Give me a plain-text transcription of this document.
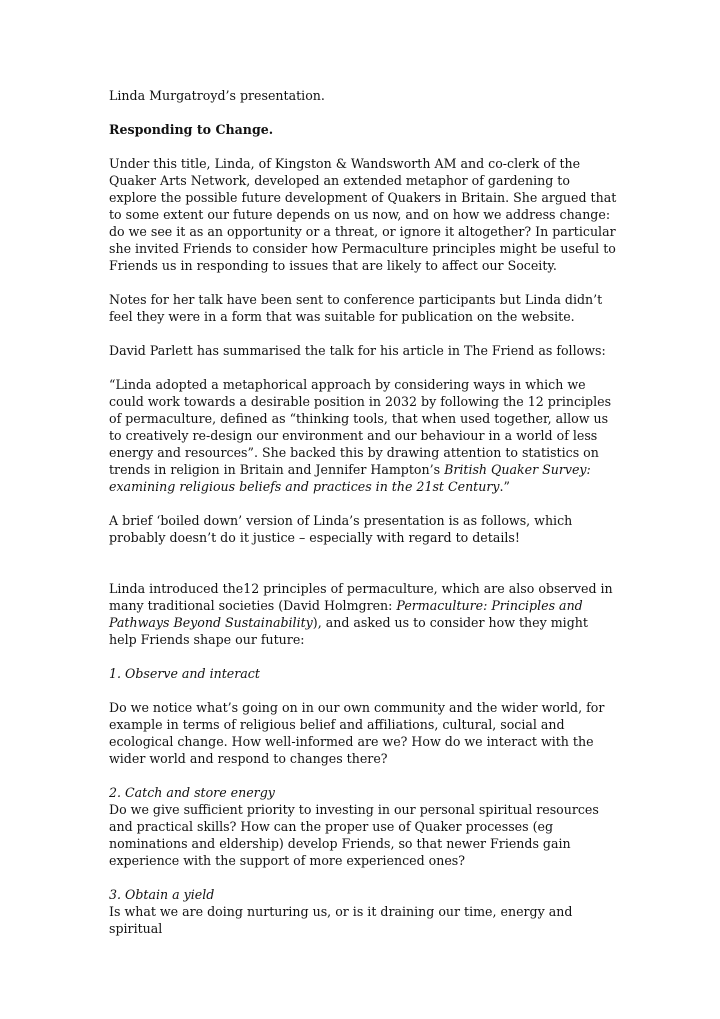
Linda Murgatroyd’s presentation.

Responding to Change.

Under this title, Linda, of Kingston & Wandsworth AM and co-clerk of the Quaker Arts Network, developed an extended metaphor of gardening to explore the possible future development of Quakers in Britain. She argued that to some extent our future depends on us now, and on how we address change: do we see it as an opportunity or a threat, or ignore it altogether? In particular she invited Friends to consider how Permaculture principles might be useful to Friends us in responding to issues that are likely to affect our Soceity.

Notes for her talk have been sent to conference participants but Linda didn’t feel they were in a form that was suitable for publication on the website.

David Parlett has summarised the talk for his article in The Friend as follows:

“Linda adopted a metaphorical approach by considering ways in which we could work towards a desirable position in 2032 by following the 12 principles of permaculture, defined as “thinking tools, that when used together, allow us to creatively re-design our environment and our behaviour in a world of less energy and resources”. She backed this by drawing attention to statistics on trends in religion in Britain and Jennifer Hampton’s British Quaker Survey: examining religious beliefs and practices in the 21st Century.”

A brief ‘boiled down’ version of Linda’s presentation is as follows, which probably doesn’t do it justice – especially with regard to details!

Linda introduced the12 principles of permaculture, which are also observed in many traditional societies (David Holmgren: Permaculture: Principles and Pathways Beyond Sustainability), and asked us to consider how they might help Friends shape our future:

1. Observe and interact

Do we notice what’s going on in our own community and the wider world, for example in terms of religious belief and affiliations, cultural, social and ecological change. How well-informed are we? How do we interact with the wider world and respond to changes there?

2. Catch and store energy

Do we give sufficient priority to investing in our personal spiritual resources and practical skills? How can the proper use of Quaker processes (eg nominations and eldership) develop Friends, so that newer Friends gain experience with the support of more experienced ones?

3. Obtain a yield

Is what we are doing nurturing us, or is it draining our time, energy and spiritual
